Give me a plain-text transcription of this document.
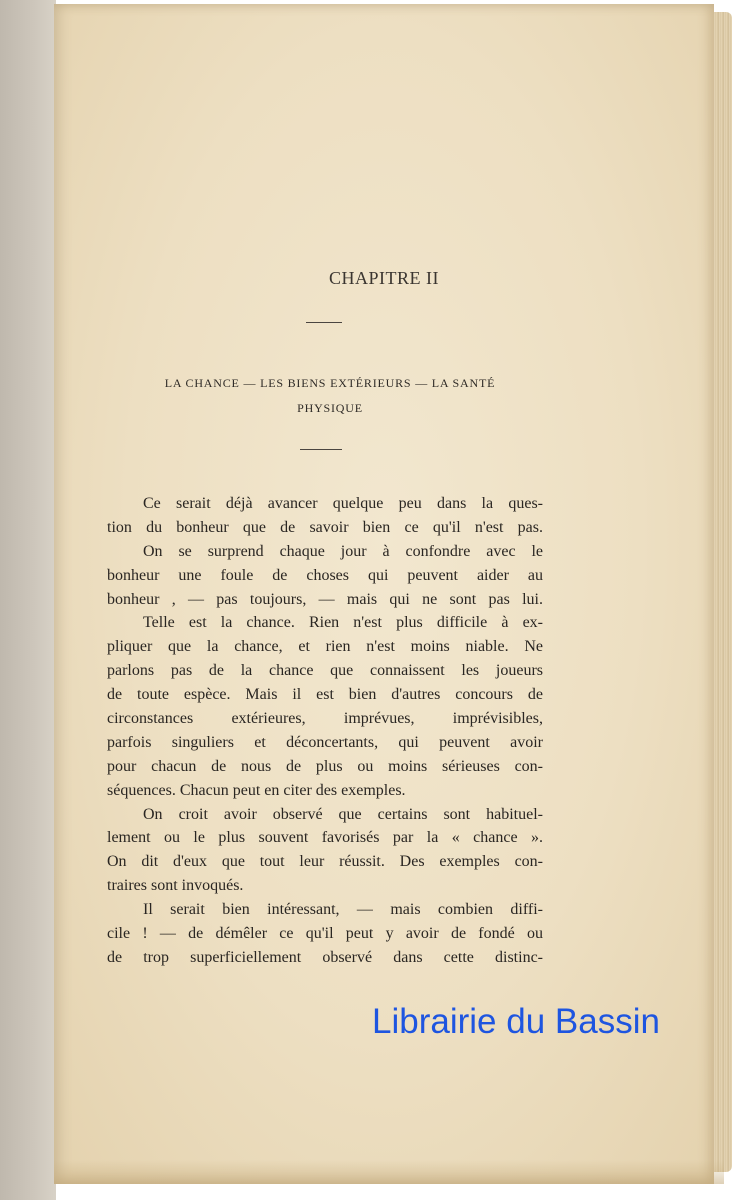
CHAPITRE II
LA CHANCE — LES BIENS EXTÉRIEURS — LA SANTÉ
PHYSIQUE
Ce serait déjà avancer quelque peu dans la ques-
tion du bonheur que de savoir bien ce qu'il n'est pas.
On se surprend chaque jour à confondre avec le
bonheur une foule de choses qui peuvent aider au
bonheur , — pas toujours, — mais qui ne sont pas lui.
Telle est la chance. Rien n'est plus difficile à ex-
pliquer que la chance, et rien n'est moins niable. Ne
parlons pas de la chance que connaissent les joueurs
de toute espèce. Mais il est bien d'autres concours de
circonstances extérieures, imprévues, imprévisibles,
parfois singuliers et déconcertants, qui peuvent avoir
pour chacun de nous de plus ou moins sérieuses con-
séquences. Chacun peut en citer des exemples.
On croit avoir observé que certains sont habituel-
lement ou le plus souvent favorisés par la « chance ».
On dit d'eux que tout leur réussit. Des exemples con-
traires sont invoqués.
Il serait bien intéressant, — mais combien diffi-
cile ! — de démêler ce qu'il peut y avoir de fondé ou
de trop superficiellement observé dans cette distinc-
Librairie du Bassin
